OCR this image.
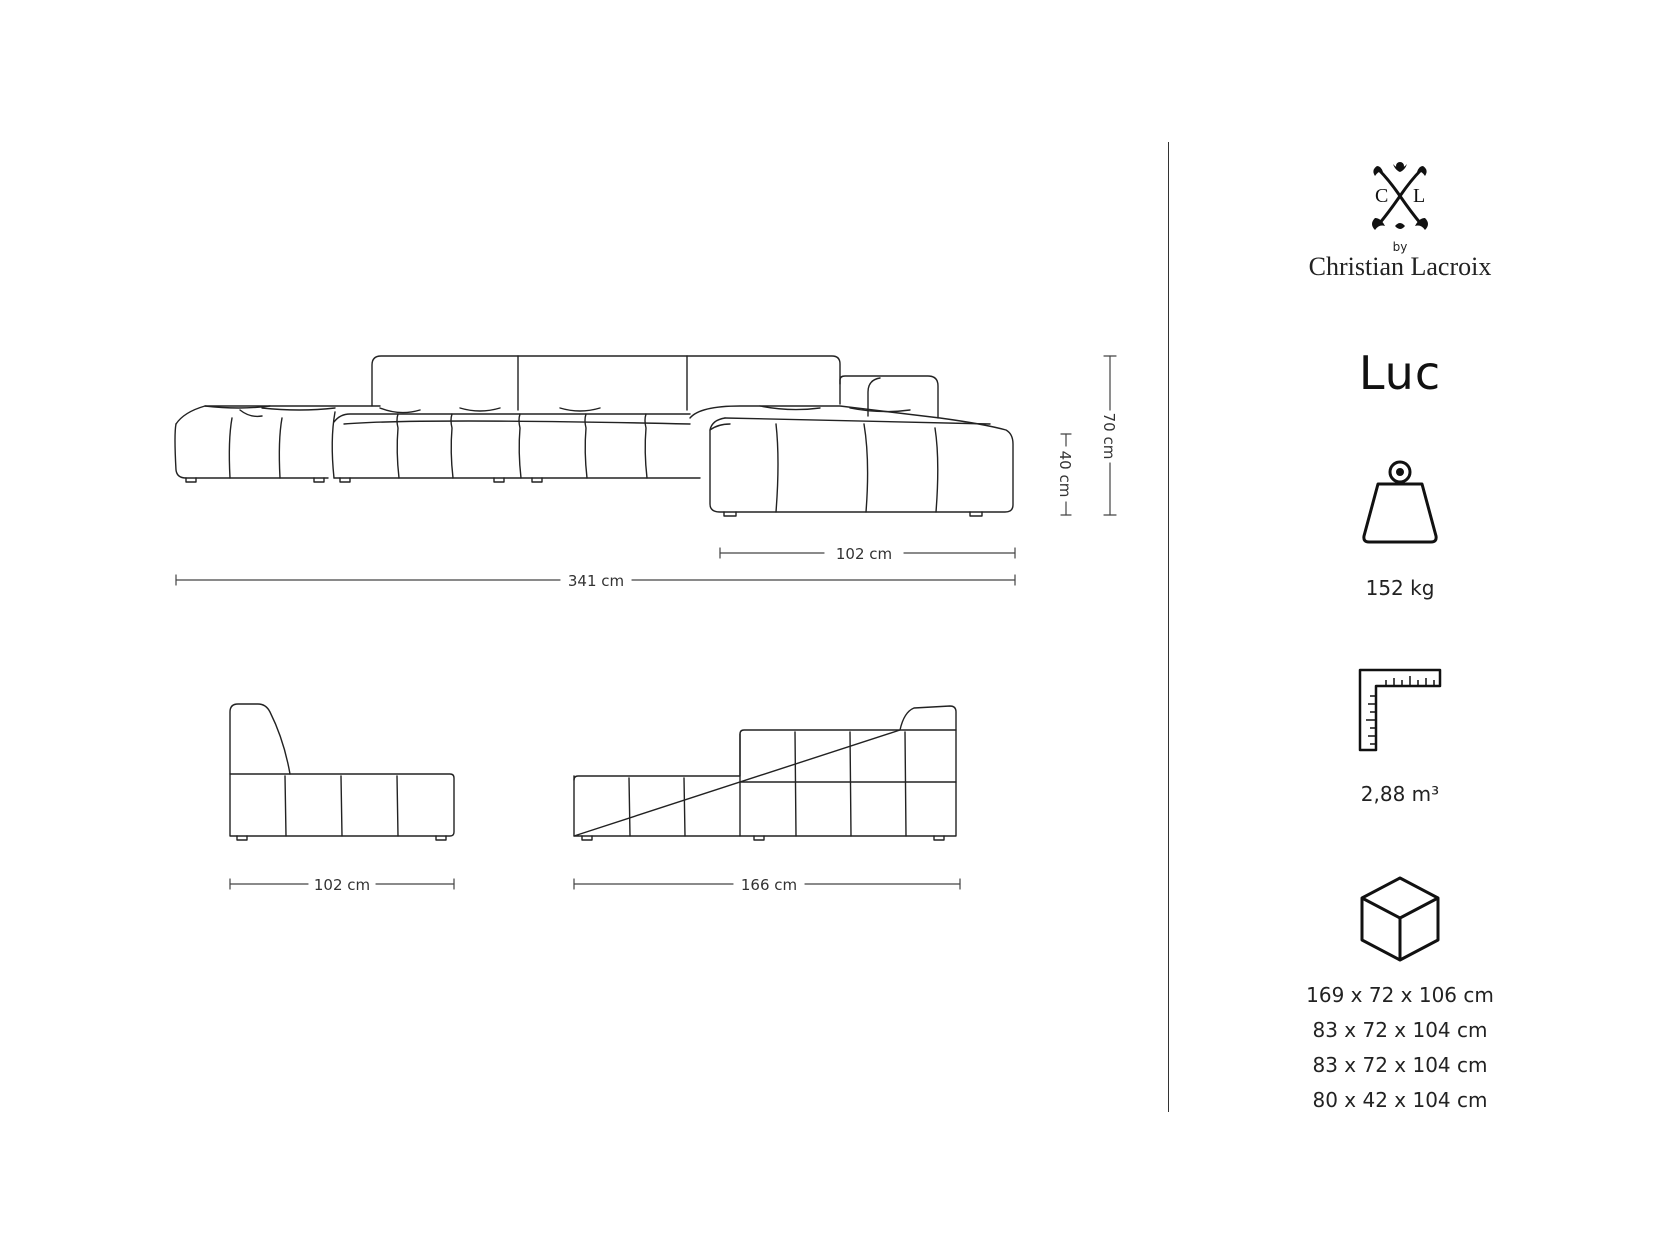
341 cm
102 cm
70 cm
40 cm
102 cm	166 cm
C L
by
Christian Lacroix
Luc
152 kg
2,88 m³
169 x 72 x 106 cm
83 x 72 x 104 cm
83 x 72 x 104 cm
80 x 42 x 104 cm
